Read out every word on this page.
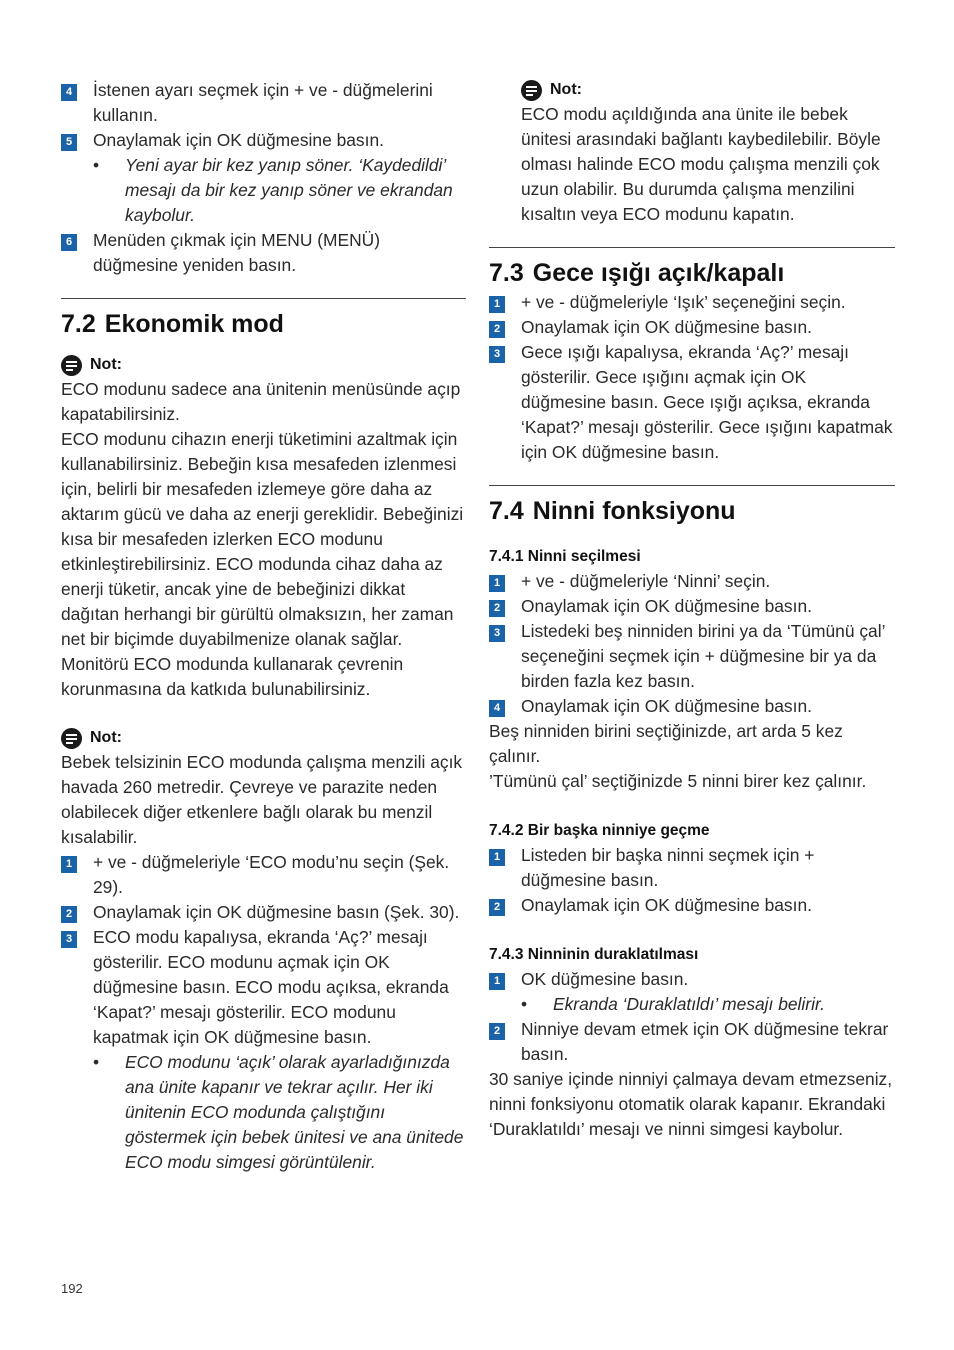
4 İstenen ayarı seçmek için + ve - düğmelerini kullanın.
5 Onaylamak için OK düğmesine basın.
• Yeni ayar bir kez yanıp söner. ‘Kaydedildi’ mesajı da bir kez yanıp söner ve ekrandan kaybolur.
6 Menüden çıkmak için MENU (MENÜ) düğmesine yeniden basın.
7.2 Ekonomik mod
Not:

ECO modunu sadece ana ünitenin menüsünde açıp kapatabilirsiniz.

ECO modunu cihazın enerji tüketimini azaltmak için kullanabilirsiniz. Bebeğin kısa mesafeden izlenmesi için, belirli bir mesafeden izlemeye göre daha az aktarım gücü ve daha az enerji gereklidir. Bebeğinizi kısa bir mesafeden izlerken ECO modunu etkinleştirebilirsiniz. ECO modunda cihaz daha az enerji tüketir, ancak yine de bebeğinizi dikkat dağıtan herhangi bir gürültü olmaksızın, her zaman net bir biçimde duyabilmenize olanak sağlar. Monitörü ECO modunda kullanarak çevrenin korunmasına da katkıda bulunabilirsiniz.

Not:

Bebek telsizinin ECO modunda çalışma menzili açık havada 260 metredir. Çevreye ve parazite neden olabilecek diğer etkenlere bağlı olarak bu menzil kısalabilir.

1 + ve - düğmeleriyle ‘ECO modu’nu seçin (Şek. 29).
2 Onaylamak için OK düğmesine basın (Şek. 30).
3 ECO modu kapalıysa, ekranda ‘Aç?’ mesajı gösterilir. ECO modunu açmak için OK düğmesine basın. ECO modu açıksa, ekranda ‘Kapat?’ mesajı gösterilir. ECO modunu kapatmak için OK düğmesine basın.
• ECO modunu ‘açık’ olarak ayarladığınızda ana ünite kapanır ve tekrar açılır. Her iki ünitenin ECO modunda çalıştığını göstermek için bebek ünitesi ve ana ünitede ECO modu simgesi görüntülenir.
Not:

ECO modu açıldığında ana ünite ile bebek ünitesi arasındaki bağlantı kaybedilebilir. Böyle olması halinde ECO modu çalışma menzili çok uzun olabilir. Bu durumda çalışma menzilini kısaltın veya ECO modunu kapatın.

7.3 Gece ışığı açık/kapalı
1 + ve - düğmeleriyle ‘Işık’ seçeneğini seçin.
2 Onaylamak için OK düğmesine basın.
3 Gece ışığı kapalıysa, ekranda ‘Aç?’ mesajı gösterilir. Gece ışığını açmak için OK düğmesine basın. Gece ışığı açıksa, ekranda ‘Kapat?’ mesajı gösterilir. Gece ışığını kapatmak için OK düğmesine basın.
7.4 Ninni fonksiyonu
7.4.1 Ninni seçilmesi
1 + ve - düğmeleriyle ‘Ninni’ seçin.
2 Onaylamak için OK düğmesine basın.
3 Listedeki beş ninniden birini ya da ‘Tümünü çal’ seçeneğini seçmek için + düğmesine bir ya da birden fazla kez basın.
4 Onaylamak için OK düğmesine basın.

Beş ninniden birini seçtiğinizde, art arda 5 kez çalınır.

’Tümünü çal’ seçtiğinizde 5 ninni birer kez çalınır.

7.4.2 Bir başka ninniye geçme
1 Listeden bir başka ninni seçmek için + düğmesine basın.
2 Onaylamak için OK düğmesine basın.
7.4.3 Ninninin duraklatılması
1 OK düğmesine basın.
• Ekranda ‘Duraklatıldı’ mesajı belirir.
2 Ninniye devam etmek için OK düğmesine tekrar basın.

30 saniye içinde ninniyi çalmaya devam etmezseniz, ninni fonksiyonu otomatik olarak kapanır. Ekrandaki ‘Duraklatıldı’ mesajı ve ninni simgesi kaybolur.

192
